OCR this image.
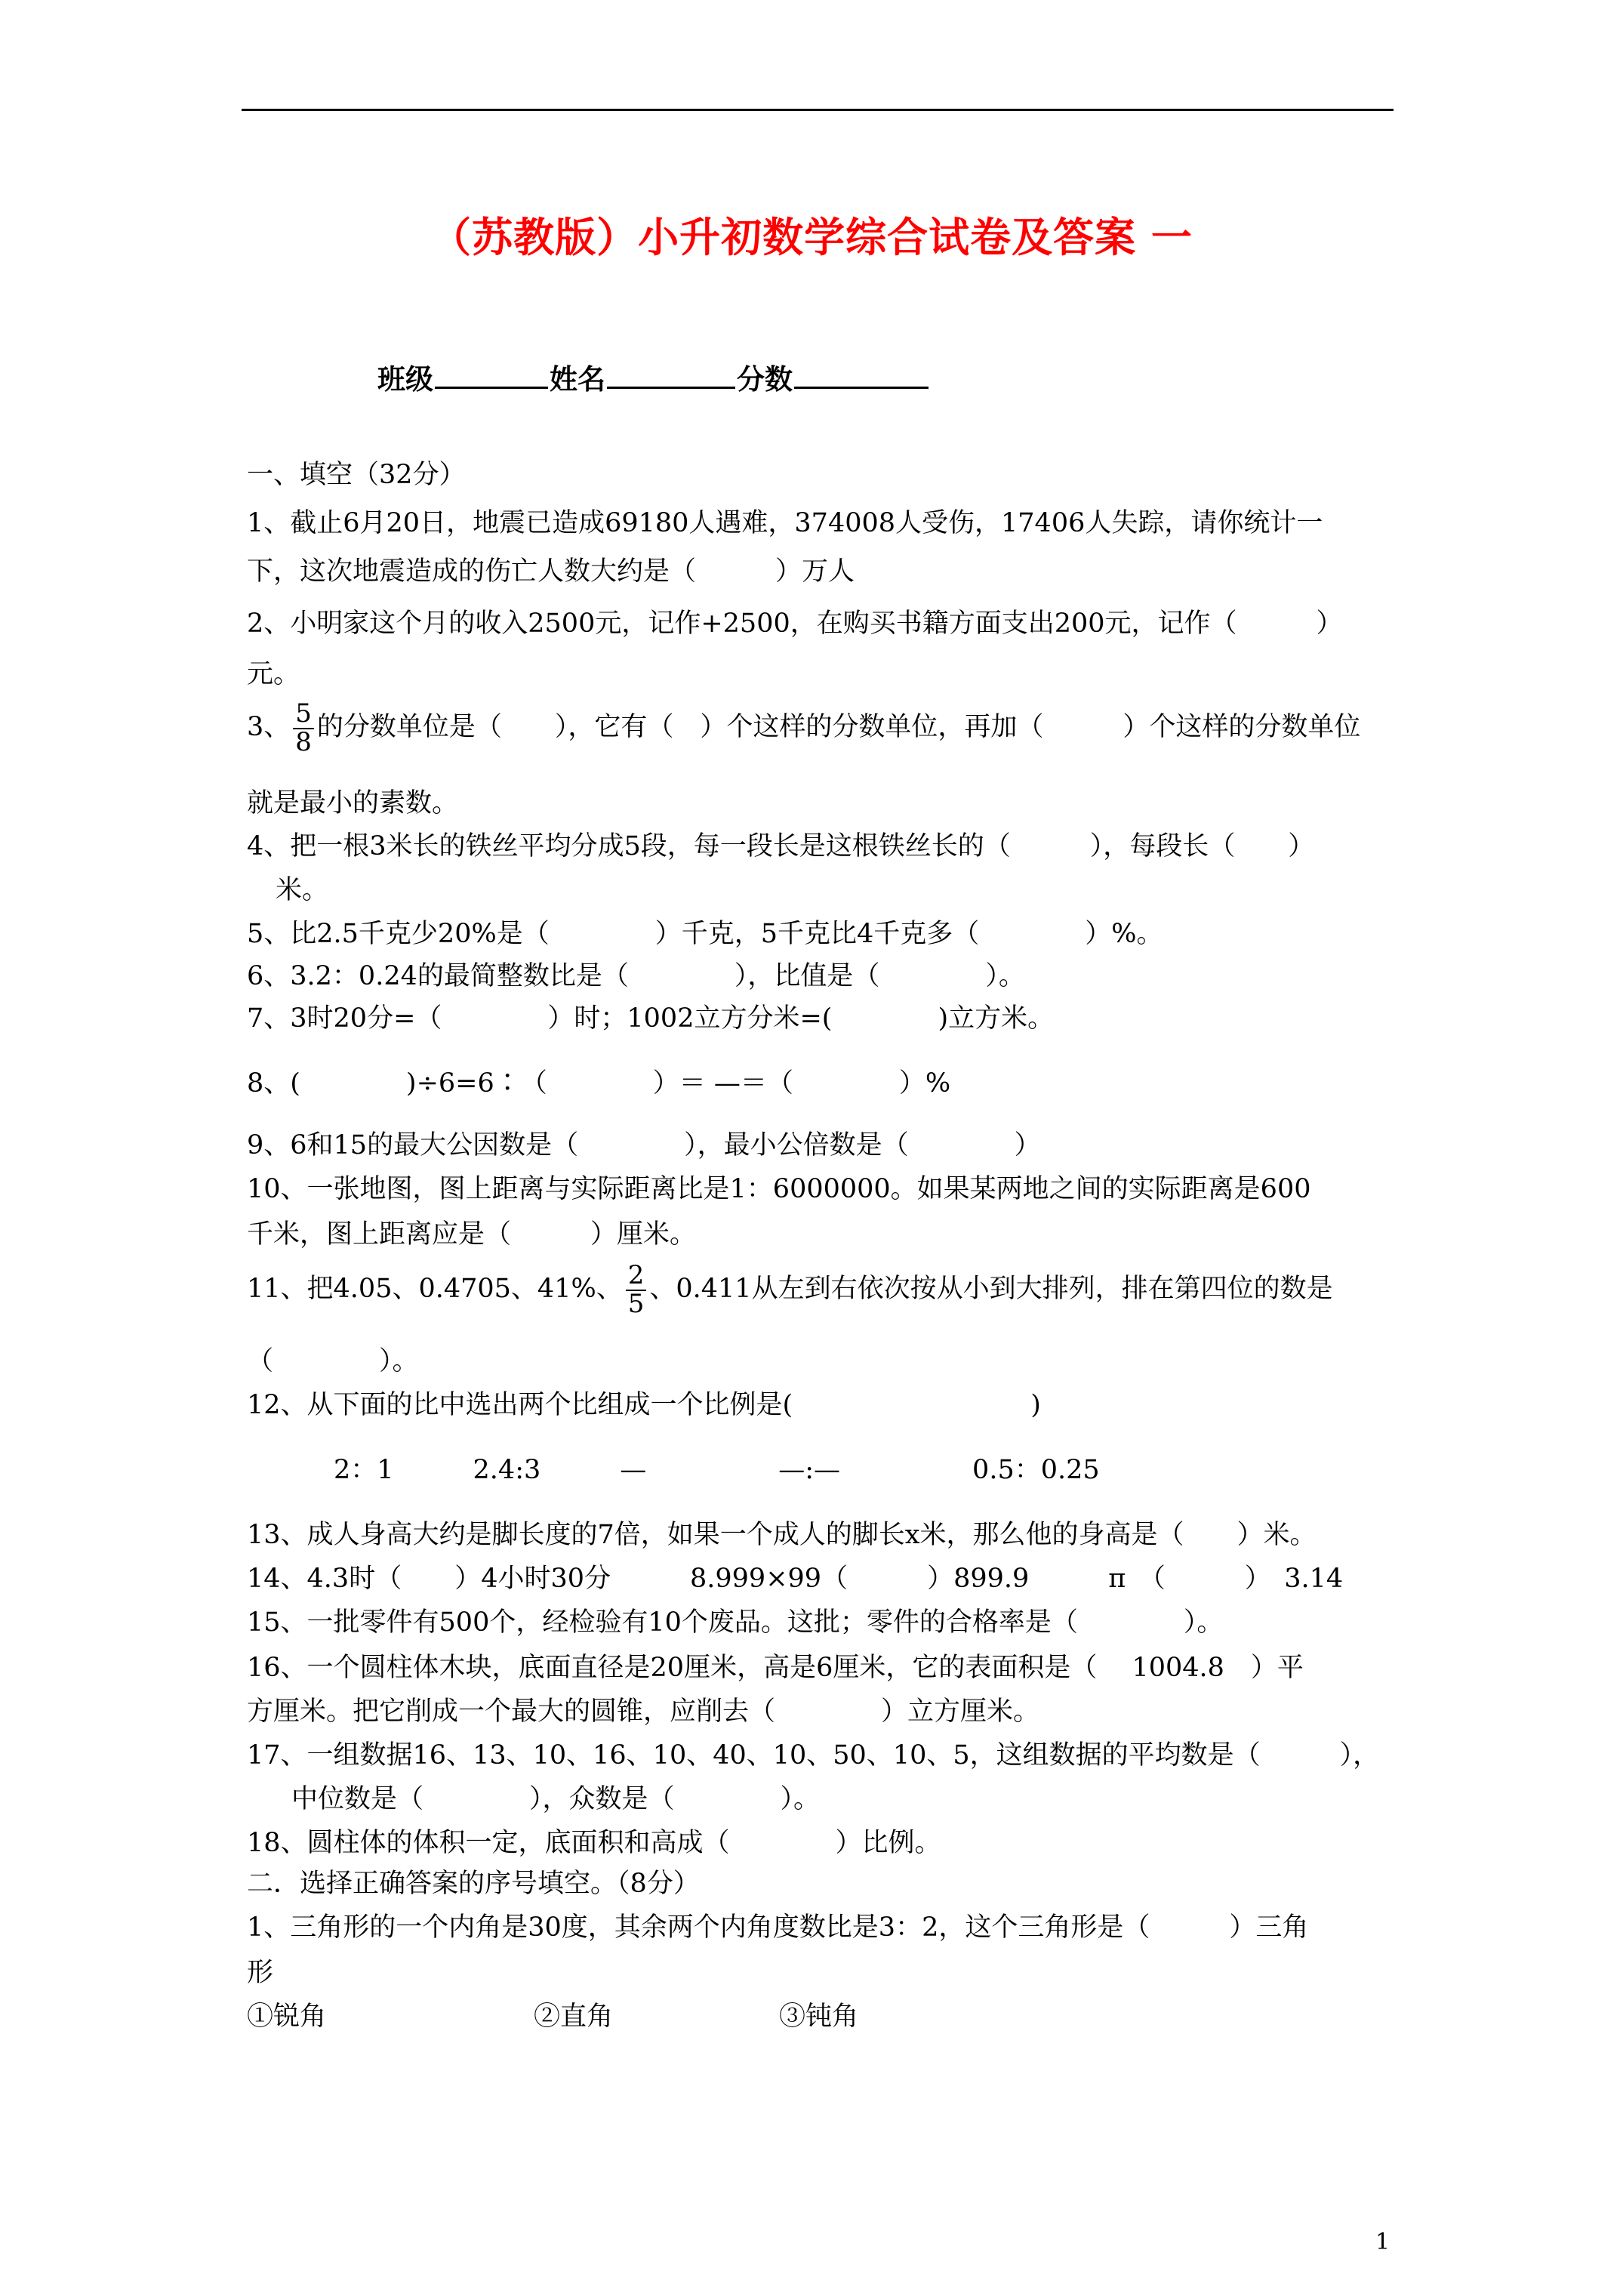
（苏教版）小升初数学综合试卷及答案 一
班级	姓名	分数
一、填空（32分）
1、截止6月20日，地震已造成69180人遇难，374008人受伤，17406人失踪，请你统计一
下，这次地震造成的伤亡人数大约是（　　　）万人
2、小明家这个月的收入2500元，记作+2500，在购买书籍方面支出200元，记作（　　　）
元。
3、 $\frac{5}{8}$ 的分数单位是（　　），它有（　）个这样的分数单位，再加（　　　）个这样的分数单位
就是最小的素数。
4、把一根3米长的铁丝平均分成5段，每一段长是这根铁丝长的（　　　），每段长（　　）
米。
5、比2.5千克少20%是（　　　　）千克，5千克比4千克多（　　　　）%。
6、3.2：0.24的最简整数比是（　　　　），比值是（　　　　）。
7、3时20分=（　　　　）时；1002立方分米=(　　　　)立方米。
8、(　　　　)÷6=6∶（　　　　）＝ —＝（　　　　）%
9、6和15的最大公因数是（　　　　），最小公倍数是（　　　　）
10、一张地图，图上距离与实际距离比是1：6000000。如果某两地之间的实际距离是600
千米，图上距离应是（　　　）厘米。
11、把4.05、0.4705、41%、 $\frac{2}{5}$ 、0.411从左到右依次按从小到大排列，排在第四位的数是
（　　　　）。
12、从下面的比中选出两个比组成一个比例是(　　　　　　　　　)
2：1　　　2.4:3　　　—　　　　　—:—　　　　　0.5：0.25
13、成人身高大约是脚长度的7倍，如果一个成人的脚长x米，那么他的身高是（　　）米。
14、4.3时（　　）4小时30分　　　8.999×99（　　　）899.9　　　π　（　　　）　3.14
15、一批零件有500个，经检验有10个废品。这批；零件的合格率是（　　　　）。
16、一个圆柱体木块，底面直径是20厘米，高是6厘米，它的表面积是（　 1004.8　）平
方厘米。把它削成一个最大的圆锥，应削去（　　　　）立方厘米。
17、一组数据16、13、10、16、10、40、10、50、10、5，这组数据的平均数是（　　　），
中位数是（　　　　），众数是（　　　　）。
18、圆柱体的体积一定，底面积和高成（　　　　）比例。
二．选择正确答案的序号填空。（8分）
1、三角形的一个内角是30度，其余两个内角度数比是3：2，这个三角形是（　　　）三角
形
①锐角	②直角	③钝角
1
